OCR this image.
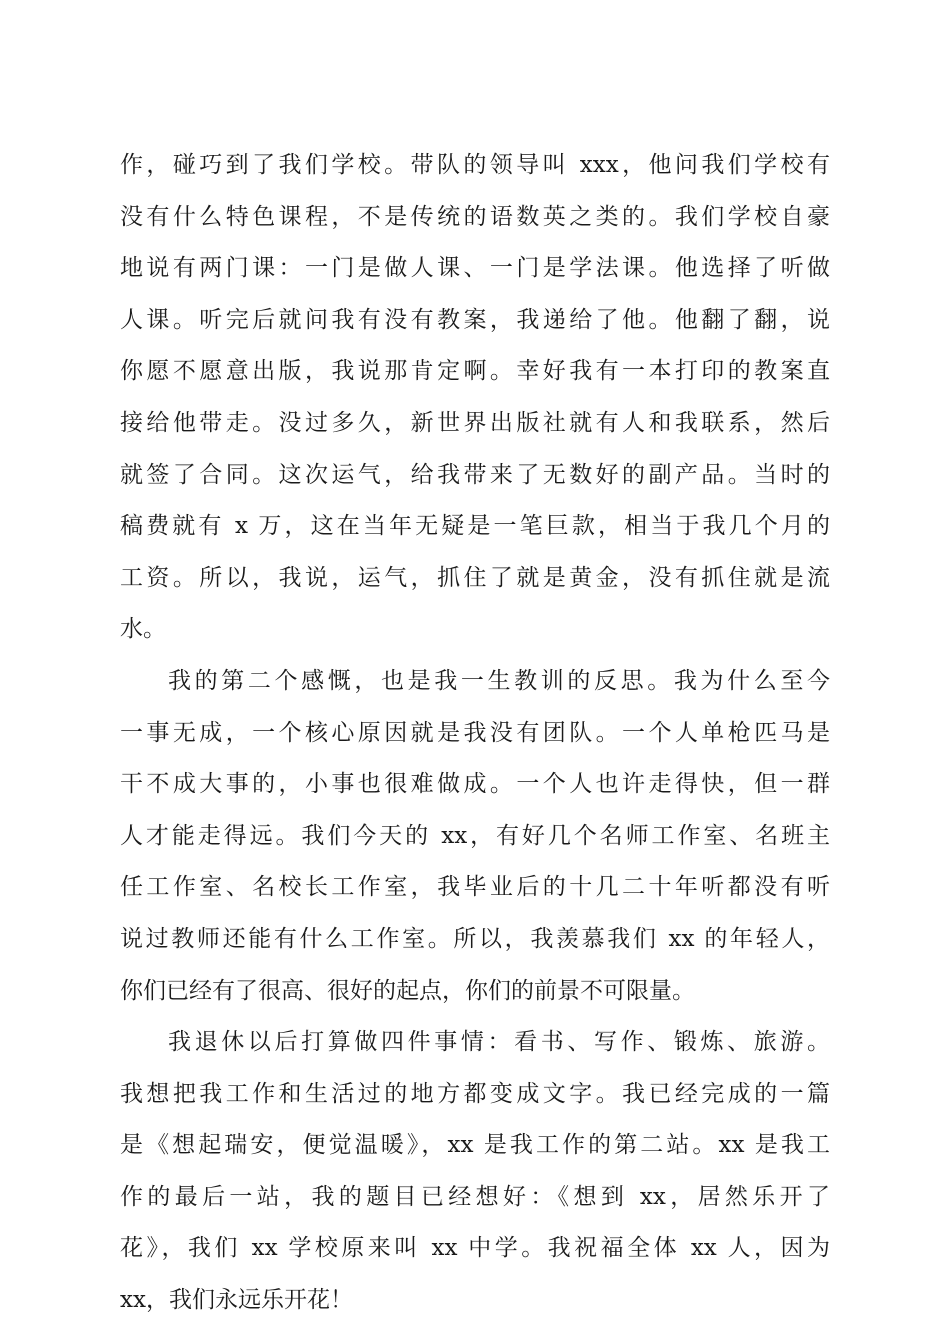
作，碰巧到了我们学校。带队的领导叫 xxx，他问我们学校有
没有什么特色课程，不是传统的语数英之类的。我们学校自豪
地说有两门课：一门是做人课、一门是学法课。他选择了听做
人课。听完后就问我有没有教案，我递给了他。他翻了翻，说
你愿不愿意出版，我说那肯定啊。幸好我有一本打印的教案直
接给他带走。没过多久，新世界出版社就有人和我联系，然后
就签了合同。这次运气，给我带来了无数好的副产品。当时的
稿费就有 x 万，这在当年无疑是一笔巨款，相当于我几个月的
工资。所以，我说，运气，抓住了就是黄金，没有抓住就是流
水。
我的第二个感慨，也是我一生教训的反思。我为什么至今
一事无成，一个核心原因就是我没有团队。一个人单枪匹马是
干不成大事的，小事也很难做成。一个人也许走得快，但一群
人才能走得远。我们今天的 xx，有好几个名师工作室、名班主
任工作室、名校长工作室，我毕业后的十几二十年听都没有听
说过教师还能有什么工作室。所以，我羡慕我们 xx 的年轻人，
你们已经有了很高、很好的起点，你们的前景不可限量。
我退休以后打算做四件事情：看书、写作、锻炼、旅游。
我想把我工作和生活过的地方都变成文字。我已经完成的一篇
是《想起瑞安，便觉温暖》，xx 是我工作的第二站。xx 是我工
作的最后一站，我的题目已经想好：《想到 xx，居然乐开了
花》，我们 xx 学校原来叫 xx 中学。我祝福全体 xx 人，因为
xx，我们永远乐开花！
